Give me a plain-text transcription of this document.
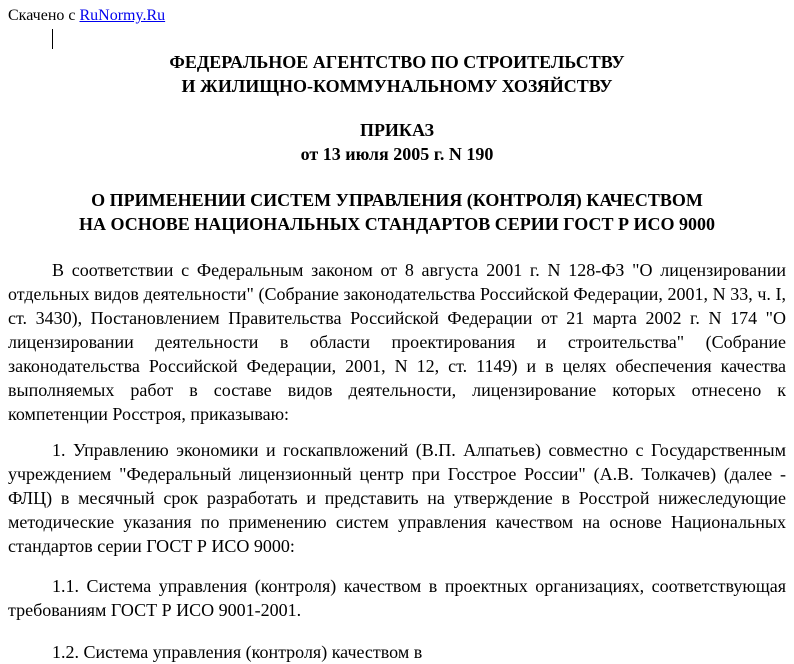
Скачено с RuNormy.Ru
ФЕДЕРАЛЬНОЕ АГЕНТСТВО ПО СТРОИТЕЛЬСТВУ
И ЖИЛИЩНО-КОММУНАЛЬНОМУ ХОЗЯЙСТВУ
ПРИКАЗ
от 13 июля 2005 г. N 190
О ПРИМЕНЕНИИ СИСТЕМ УПРАВЛЕНИЯ (КОНТРОЛЯ) КАЧЕСТВОМ
НА ОСНОВЕ НАЦИОНАЛЬНЫХ СТАНДАРТОВ СЕРИИ ГОСТ Р ИСО 9000

В соответствии с Федеральным законом от 8 августа 2001 г. N 128-ФЗ "О лицензировании отдельных видов деятельности" (Собрание законодательства Российской Федерации, 2001, N 33, ч. I, ст. 3430), Постановлением Правительства Российской Федерации от 21 марта 2002 г. N 174 "О лицензировании деятельности в области проектирования и строительства" (Собрание законодательства Российской Федерации, 2001, N 12, ст. 1149) и в целях обеспечения качества выполняемых работ в составе видов деятельности, лицензирование которых отнесено к компетенции Росстроя, приказываю:

1. Управлению экономики и госкапвложений (В.П. Алпатьев) совместно с Государственным учреждением "Федеральный лицензионный центр при Госстрое России" (А.В. Толкачев) (далее - ФЛЦ) в месячный срок разработать и представить на утверждение в Росстрой нижеследующие методические указания по применению систем управления качеством на основе Национальных стандартов серии ГОСТ Р ИСО 9000:

1.1. Система управления (контроля) качеством в проектных организациях, соответствующая требованиям ГОСТ Р ИСО 9001-2001.

1.2. Система управления (контроля) качеством в
